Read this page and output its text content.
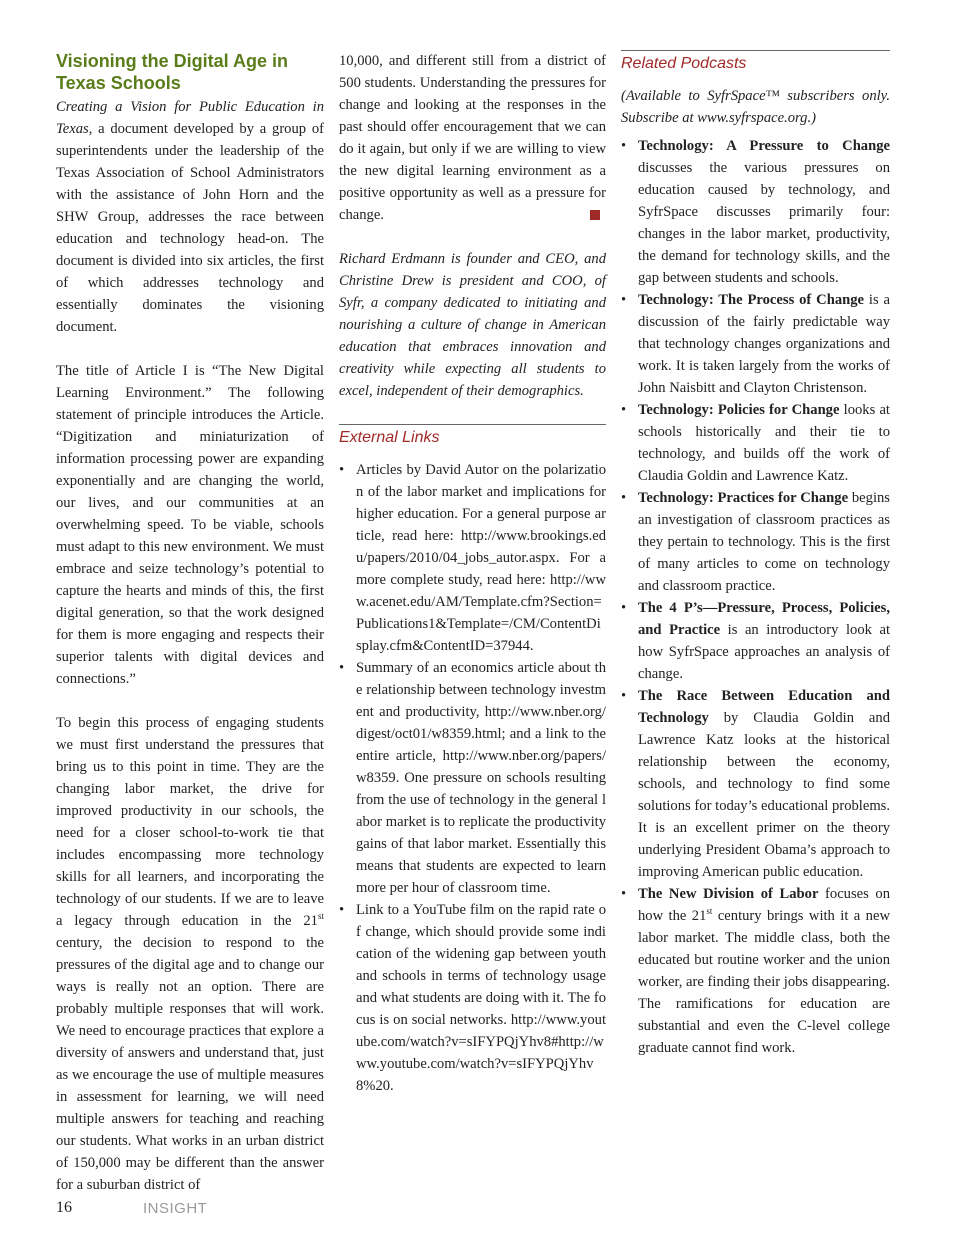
Visioning the Digital Age in Texas Schools

Creating a Vision for Public Education in Texas, a document developed by a group of superintendents under the leadership of the Texas Association of School Administrators with the assistance of John Horn and the SHW Group, addresses the race between education and technology head-on. The document is divided into six articles, the first of which addresses technology and essentially dominates the visioning document.

The title of Article I is “The New Digital Learning Environment.” The following statement of principle introduces the Article. “Digitization and miniaturization of information processing power are expanding exponentially and are changing the world, our lives, and our communities at an overwhelming speed. To be viable, schools must adapt to this new environment. We must embrace and seize technology’s potential to capture the hearts and minds of this, the first digital generation, so that the work designed for them is more engaging and respects their superior talents with digital devices and connections.”

To begin this process of engaging students we must first understand the pressures that bring us to this point in time. They are the changing labor market, the drive for improved productivity in our schools, the need for a closer school-to-work tie that includes encompassing more technology skills for all learners, and incorporating the technology of our students. If we are to leave a legacy through education in the 21st century, the decision to respond to the pressures of the digital age and to change our ways is really not an option. There are probably multiple responses that will work. We need to encourage practices that explore a diversity of answers and understand that, just as we encourage the use of multiple measures in assessment for learning, we will need multiple answers for teaching and reaching our students. What works in an urban district of 150,000 may be different than the answer for a suburban district of

10,000, and different still from a district of 500 students. Understanding the pressures for change and looking at the responses in the past should offer encouragement that we can do it again, but only if we are willing to view the new digital learning environment as a positive opportunity as well as a pressure for change.

Richard Erdmann is founder and CEO, and Christine Drew is president and COO, of Syfr, a company dedicated to initiating and nourishing a culture of change in American education that embraces innovation and creativity while expecting all students to excel, independent of their demographics.

External Links
• Articles by David Autor on the polarization of the labor market and implications for higher education. For a general purpose article, read here: http://www.brookings.edu/papers/2010/04_jobs_autor.aspx. For a more complete study, read here: http://www.acenet.edu/AM/Template.cfm?Section=Publications1&Template=/CM/ContentDisplay.cfm&ContentID=37944.
• Summary of an economics article about the relationship between technology investment and productivity, http://www.nber.org/digest/oct01/w8359.html; and a link to the entire article, http://www.nber.org/papers/w8359. One pressure on schools resulting from the use of technology in the general labor market is to replicate the productivity gains of that labor market. Essentially this means that students are expected to learn more per hour of classroom time.
• Link to a YouTube film on the rapid rate of change, which should provide some indication of the widening gap between youth and schools in terms of technology usage and what students are doing with it. The focus is on social networks. http://www.youtube.com/watch?v=sIFYPQjYhv8#http://www.youtube.com/watch?v=sIFYPQjYhv8%20.
Related Podcasts

(Available to SyfrSpace™ subscribers only. Subscribe at www.syfrspace.org.)

• Technology: A Pressure to Change discusses the various pressures on education caused by technology, and SyfrSpace discusses primarily four: changes in the labor market, productivity, the demand for technology skills, and the gap between students and schools.
• Technology: The Process of Change is a discussion of the fairly predictable way that technology changes organizations and work. It is taken largely from the works of John Naisbitt and Clayton Christenson.
• Technology: Policies for Change looks at schools historically and their tie to technology, and builds off the work of Claudia Goldin and Lawrence Katz.
• Technology: Practices for Change begins an investigation of classroom practices as they pertain to technology. This is the first of many articles to come on technology and classroom practice.
• The 4 P’s—Pressure, Process, Policies, and Practice is an introductory look at how SyfrSpace approaches an analysis of change.
• The Race Between Education and Technology by Claudia Goldin and Lawrence Katz looks at the historical relationship between the economy, schools, and technology to find some solutions for today’s educational problems. It is an excellent primer on the theory underlying President Obama’s approach to improving American public education.
• The New Division of Labor focuses on how the 21st century brings with it a new labor market. The middle class, both the educated but routine worker and the union worker, are finding their jobs disappearing. The ramifications for education are substantial and even the C-level college graduate cannot find work.
16	INSIGHT
